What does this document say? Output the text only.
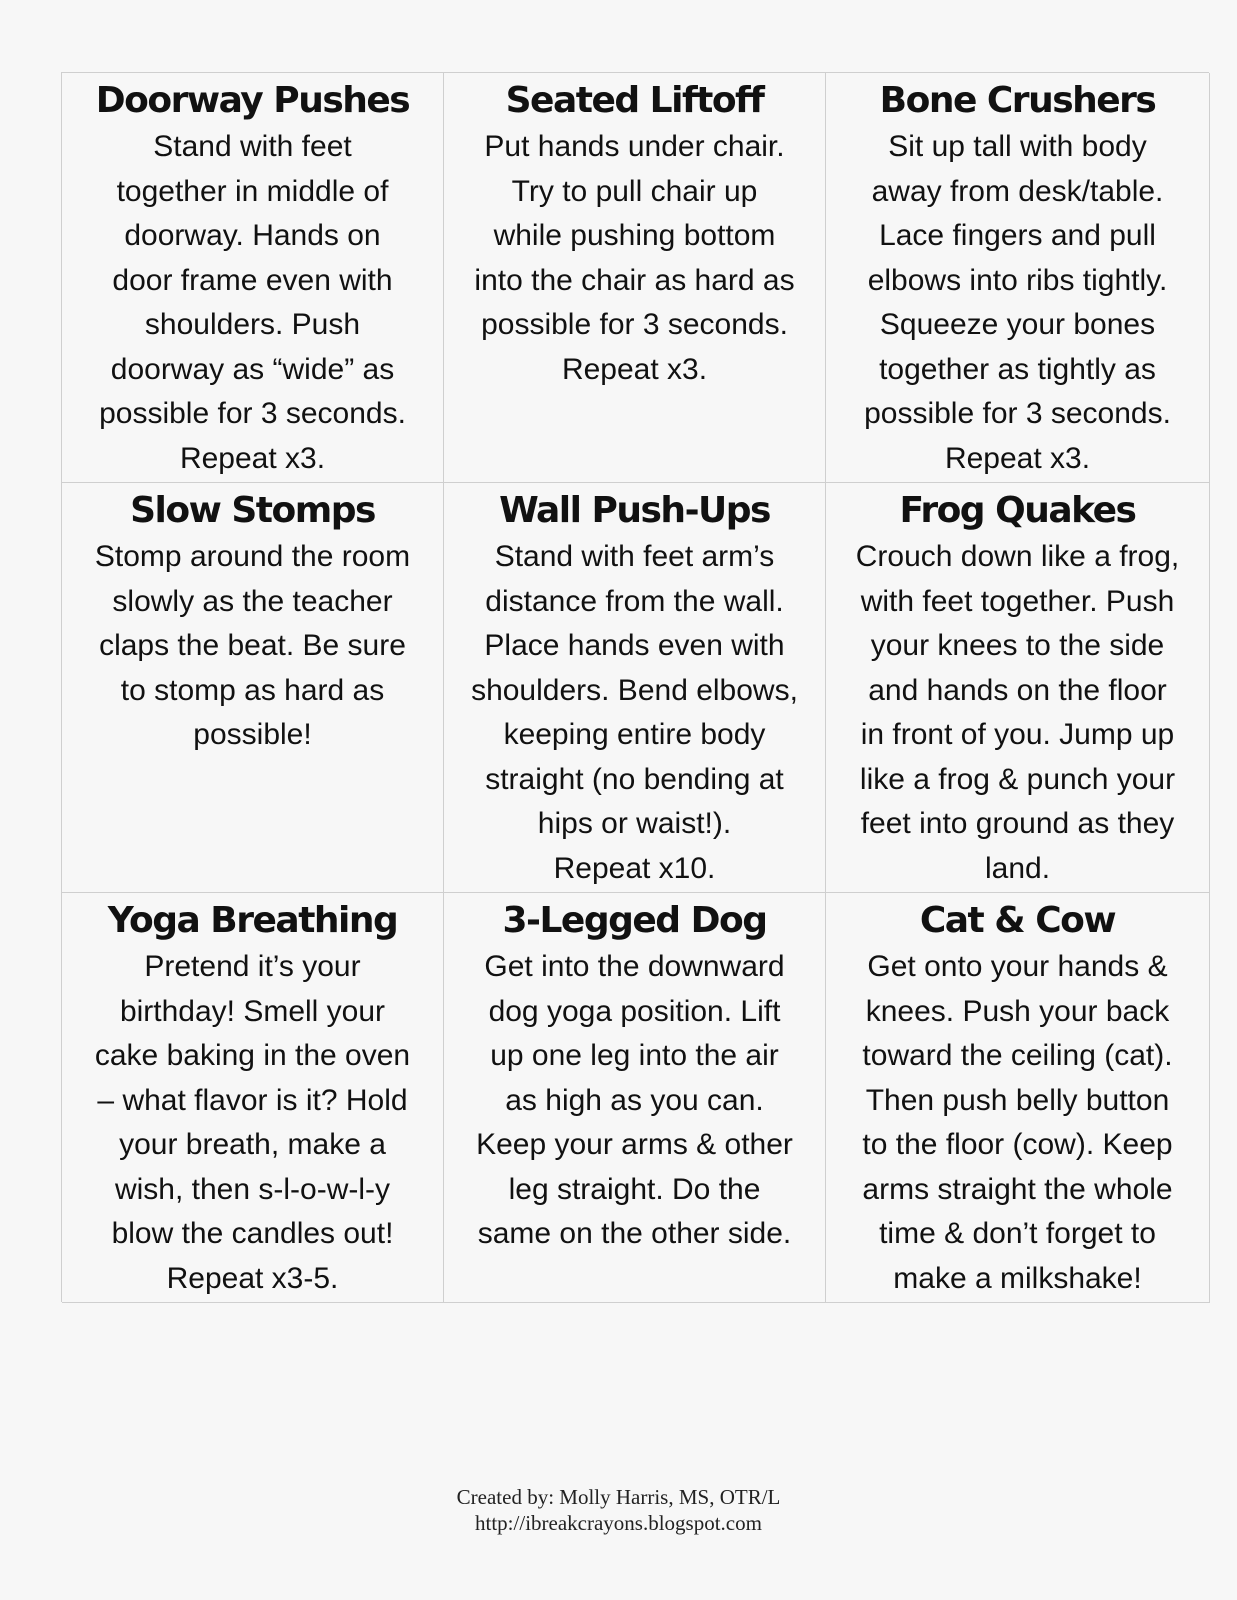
Doorway Pushes
Stand with feet
together in middle of
doorway. Hands on
door frame even with
shoulders. Push
doorway as “wide” as
possible for 3 seconds.
Repeat x3.
Seated Liftoff
Put hands under chair.
Try to pull chair up
while pushing bottom
into the chair as hard as
possible for 3 seconds.
Repeat x3.
Bone Crushers
Sit up tall with body
away from desk/table.
Lace fingers and pull
elbows into ribs tightly.
Squeeze your bones
together as tightly as
possible for 3 seconds.
Repeat x3.
Slow Stomps
Stomp around the room
slowly as the teacher
claps the beat. Be sure
to stomp as hard as
possible!
Wall Push-Ups
Stand with feet arm’s
distance from the wall.
Place hands even with
shoulders. Bend elbows,
keeping entire body
straight (no bending at
hips or waist!).
Repeat x10.
Frog Quakes
Crouch down like a frog,
with feet together. Push
your knees to the side
and hands on the floor
in front of you. Jump up
like a frog & punch your
feet into ground as they
land.
Yoga Breathing
Pretend it’s your
birthday! Smell your
cake baking in the oven
– what flavor is it? Hold
your breath, make a
wish, then s-l-o-w-l-y
blow the candles out!
Repeat x3-5.
3-Legged Dog
Get into the downward
dog yoga position. Lift
up one leg into the air
as high as you can.
Keep your arms & other
leg straight. Do the
same on the other side.
Cat & Cow
Get onto your hands &
knees. Push your back
toward the ceiling (cat).
Then push belly button
to the floor (cow). Keep
arms straight the whole
time & don’t forget to
make a milkshake!
Created by: Molly Harris, MS, OTR/L
http://ibreakcrayons.blogspot.com
